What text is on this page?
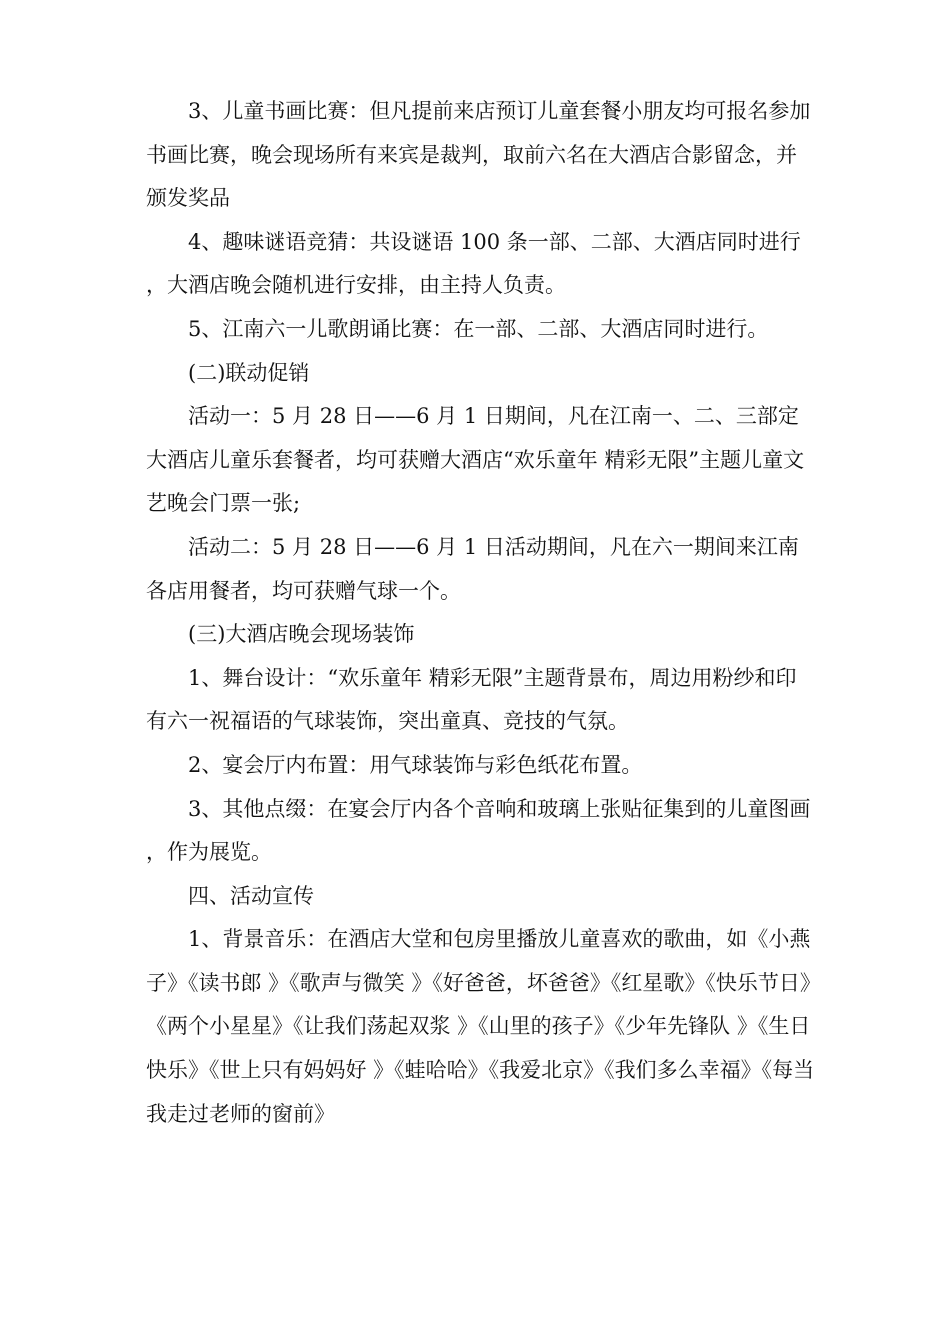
3、儿童书画比赛：但凡提前来店预订儿童套餐小朋友均可报名参加书画比赛，晚会现场所有来宾是裁判，取前六名在大酒店合影留念，并颁发奖品

4、趣味谜语竞猜：共设谜语 100 条一部、二部、大酒店同时进行，大酒店晚会随机进行安排，由主持人负责。

5、江南六一儿歌朗诵比赛：在一部、二部、大酒店同时进行。

(二)联动促销

活动一：5 月 28 日——6 月 1 日期间，凡在江南一、二、三部定大酒店儿童乐套餐者，均可获赠大酒店“欢乐童年 精彩无限”主题儿童文艺晚会门票一张;

活动二：5 月 28 日——6 月 1 日活动期间，凡在六一期间来江南各店用餐者，均可获赠气球一个。

(三)大酒店晚会现场装饰

1、舞台设计：“欢乐童年 精彩无限”主题背景布，周边用粉纱和印有六一祝福语的气球装饰，突出童真、竞技的气氛。

2、宴会厅内布置：用气球装饰与彩色纸花布置。

3、其他点缀：在宴会厅内各个音响和玻璃上张贴征集到的儿童图画，作为展览。

四、活动宣传

1、背景音乐：在酒店大堂和包房里播放儿童喜欢的歌曲，如《小燕子》《读书郎 》《歌声与微笑 》《好爸爸，坏爸爸》《红星歌》《快乐节日》《两个小星星》《让我们荡起双浆 》《山里的孩子》《少年先锋队 》《生日快乐》《世上只有妈妈好 》《蛙哈哈》《我爱北京》《我们多么幸福》《每当我走过老师的窗前》
